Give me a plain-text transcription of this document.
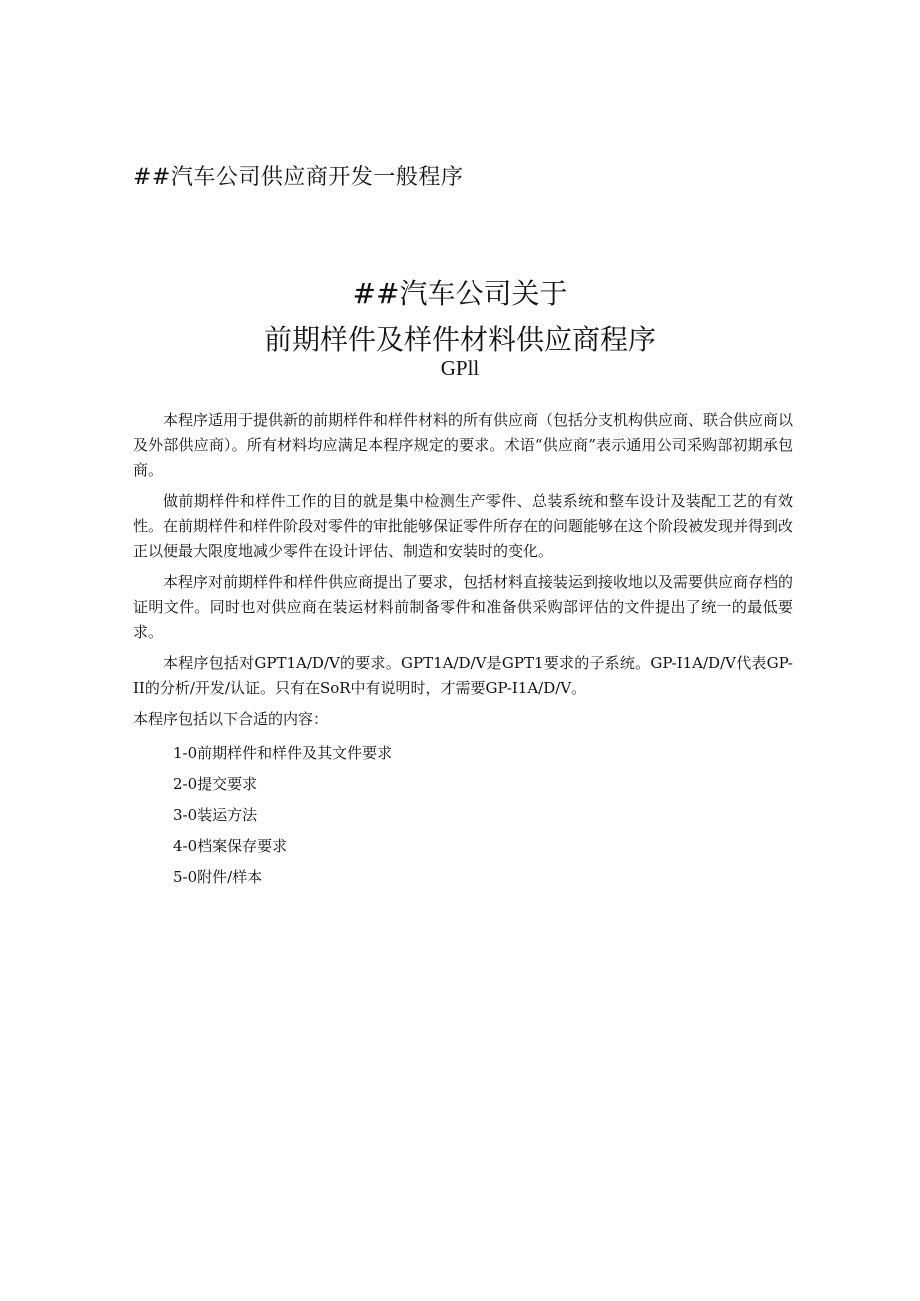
##汽车公司供应商开发一般程序
##汽车公司关于
前期样件及样件材料供应商程序
GPll

本程序适用于提供新的前期样件和样件材料的所有供应商（包括分支机构供应商、联合供应商以及外部供应商）。所有材料均应满足本程序规定的要求。术语“供应商”表示通用公司采购部初期承包商。

做前期样件和样件工作的目的就是集中检测生产零件、总装系统和整车设计及装配工艺的有效性。在前期样件和样件阶段对零件的审批能够保证零件所存在的问题能够在这个阶段被发现并得到改正以便最大限度地减少零件在设计评估、制造和安装时的变化。

本程序对前期样件和样件供应商提出了要求，包括材料直接装运到接收地以及需要供应商存档的证明文件。同时也对供应商在装运材料前制备零件和准备供采购部评估的文件提出了统一的最低要求。

本程序包括对GPT1A/D/V的要求。GPT1A/D/V是GPT1要求的子系统。GP-I1A/D/V代表GP-II的分析/开发/认证。只有在SoR中有说明时，才需要GP-I1A/D/V。

本程序包括以下合适的内容：

1-0前期样件和样件及其文件要求
2-0提交要求
3-0装运方法
4-0档案保存要求
5-0附件/样本
